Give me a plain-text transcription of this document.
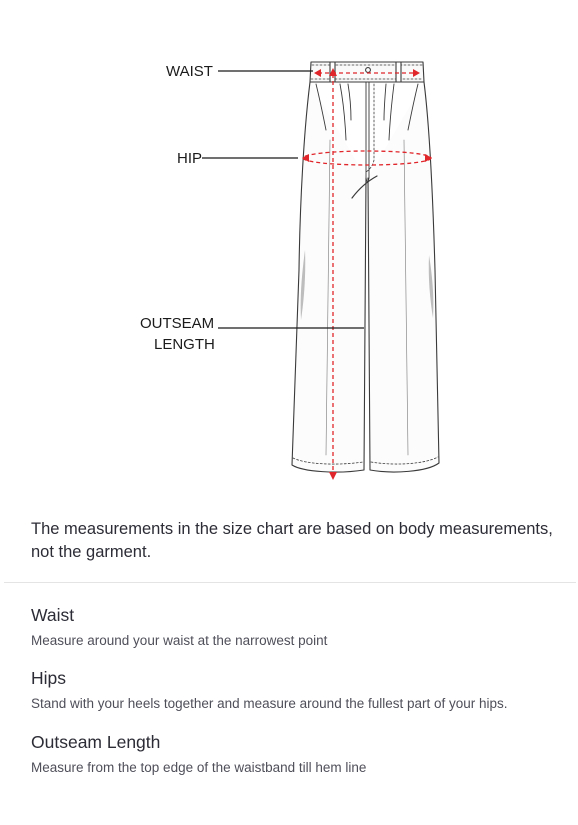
WAIST
HIP
OUTSEAM
LENGTH

The measurements in the size chart are based on body measurements, not the garment.

Waist
Measure around your waist at the narrowest point
Hips
Stand with your heels together and measure around the fullest part of your hips.
Outseam Length
Measure from the top edge of the waistband till hem line
